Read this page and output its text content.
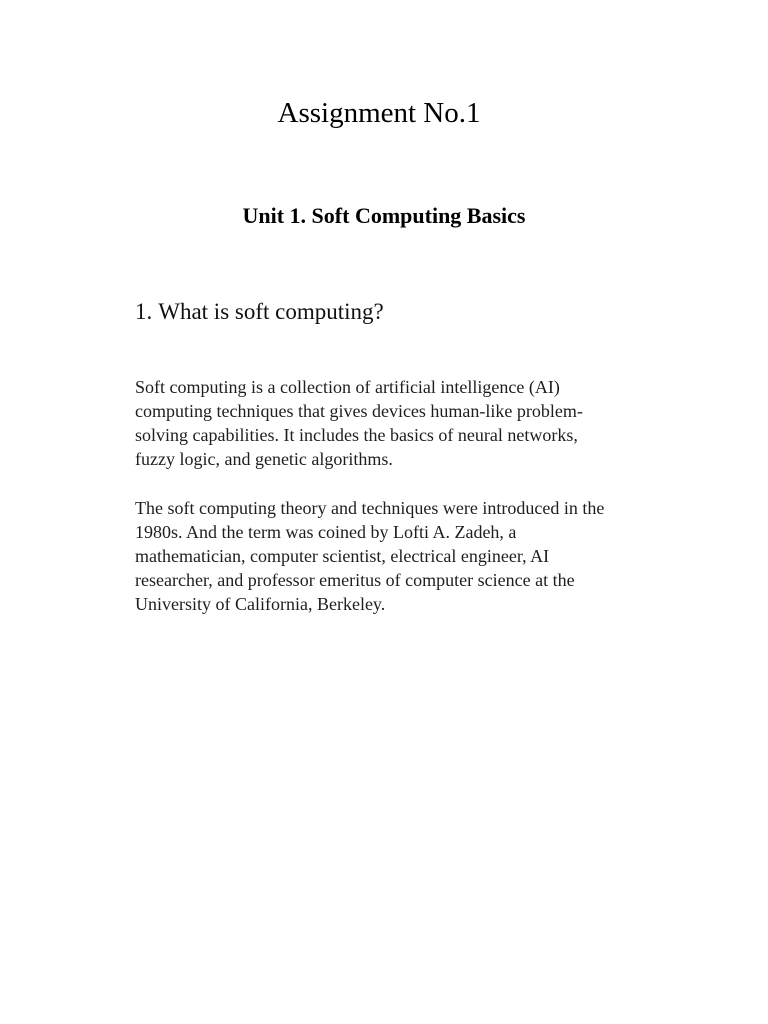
Assignment No.1
Unit 1. Soft Computing Basics
1. What is soft computing?

Soft computing is a collection of artificial intelligence (AI)
computing techniques that gives devices human-like problem-
solving capabilities. It includes the basics of neural networks,
fuzzy logic, and genetic algorithms.

The soft computing theory and techniques were introduced in the
1980s. And the term was coined by Lofti A. Zadeh, a
mathematician, computer scientist, electrical engineer, AI
researcher, and professor emeritus of computer science at the
University of California, Berkeley.
